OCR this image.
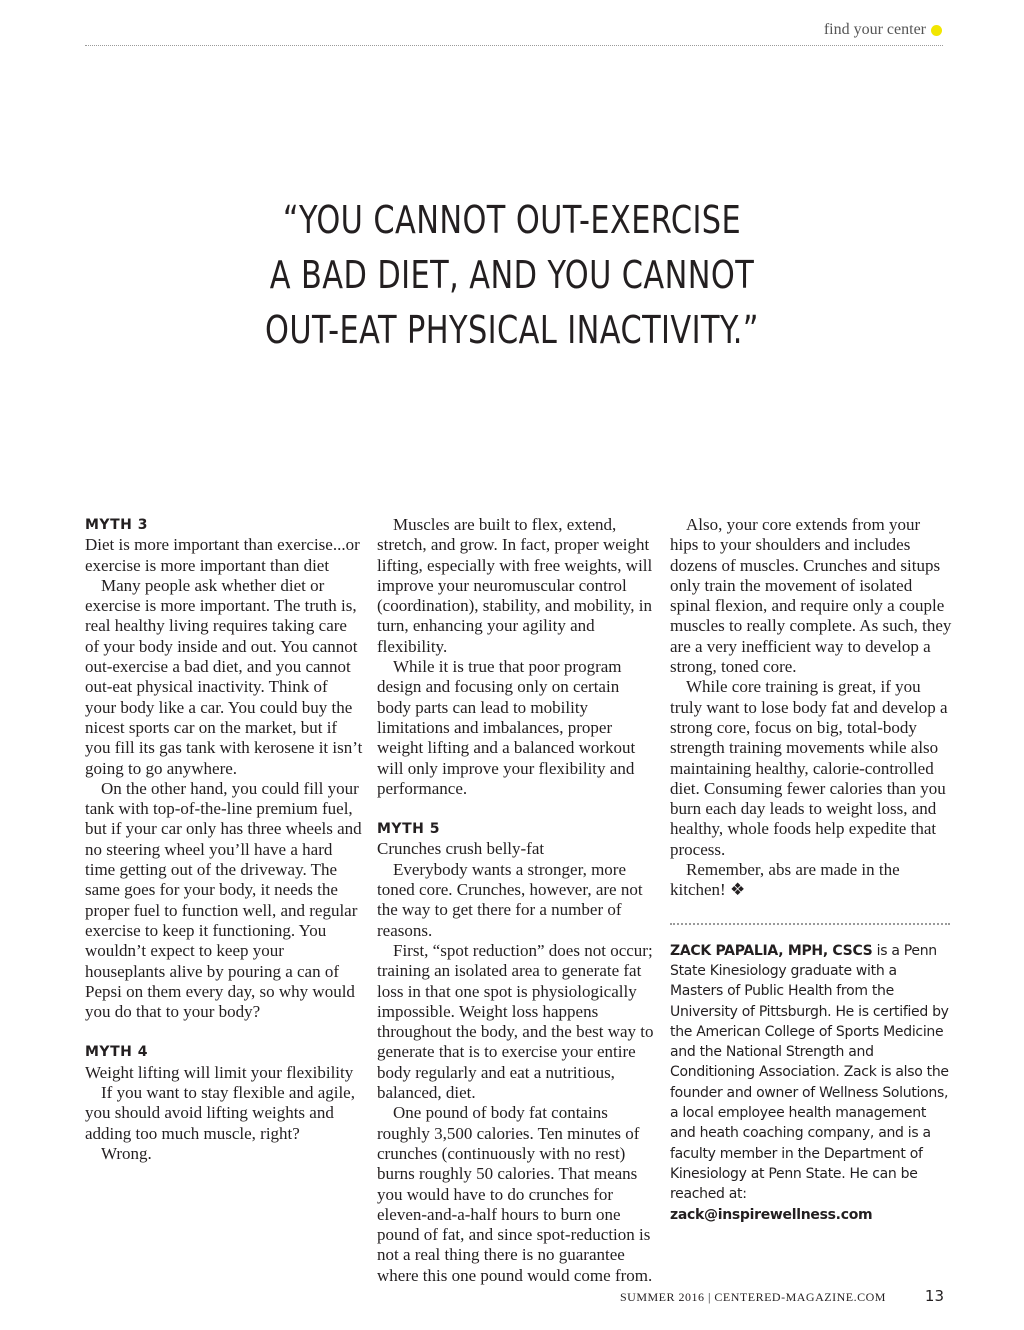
find your center
“YOU CANNOT OUT-EXERCISE
A BAD DIET, AND YOU CANNOT
OUT-EAT PHYSICAL INACTIVITY.”

MYTH 3

Diet is more important than exercise...or exercise is more important than diet

Many people ask whether diet or exercise is more important. The truth is, real healthy living requires taking care of your body inside and out. You cannot out-exercise a bad diet, and you cannot out-eat physical inactivity. Think of your body like a car. You could buy the nicest sports car on the market, but if you fill its gas tank with kerosene it isn’t going to go anywhere.

On the other hand, you could fill your tank with top-of-the-line premium fuel, but if your car only has three wheels and no steering wheel you’ll have a hard time getting out of the driveway. The same goes for your body, it needs the proper fuel to function well, and regular exercise to keep it functioning. You wouldn’t expect to keep your houseplants alive by pouring a can of Pepsi on them every day, so why would you do that to your body?

MYTH 4

Weight lifting will limit your flexibility

If you want to stay flexible and agile, you should avoid lifting weights and adding too much muscle, right?

Wrong.

Muscles are built to flex, extend, stretch, and grow. In fact, proper weight lifting, especially with free weights, will improve your neuromuscular control (coordination), stability, and mobility, in turn, enhancing your agility and flexibility.

While it is true that poor program design and focusing only on certain body parts can lead to mobility limitations and imbalances, proper weight lifting and a balanced workout will only improve your flexibility and performance.

MYTH 5

Crunches crush belly-fat

Everybody wants a stronger, more toned core. Crunches, however, are not the way to get there for a number of reasons.

First, “spot reduction” does not occur; training an isolated area to generate fat loss in that one spot is physiologically impossible. Weight loss happens throughout the body, and the best way to generate that is to exercise your entire body regularly and eat a nutritious, balanced, diet.

One pound of body fat contains roughly 3,500 calories. Ten minutes of crunches (continuously with no rest) burns roughly 50 calories. That means you would have to do crunches for eleven-and-a-half hours to burn one pound of fat, and since spot-reduction is not a real thing there is no guarantee where this one pound would come from.

Also, your core extends from your hips to your shoulders and includes dozens of muscles. Crunches and situps only train the movement of isolated spinal flexion, and require only a couple muscles to really complete. As such, they are a very inefficient way to develop a strong, toned core.

While core training is great, if you truly want to lose body fat and develop a strong core, focus on big, total-body strength training movements while also maintaining healthy, calorie-controlled diet. Consuming fewer calories than you burn each day leads to weight loss, and healthy, whole foods help expedite that process.

Remember, abs are made in the kitchen! ❖

ZACK PAPALIA, MPH, CSCS is a Penn State Kinesiology graduate with a Masters of Public Health from the University of Pittsburgh. He is certified by the American College of Sports Medicine and the National Strength and Conditioning Association. Zack is also the founder and owner of Wellness Solutions, a local employee health management and heath coaching company, and is a faculty member in the Department of Kinesiology at Penn State. He can be reached at:
zack@inspirewellness.com

SUMMER 2016 | CENTERED-MAGAZINE.COM	13
